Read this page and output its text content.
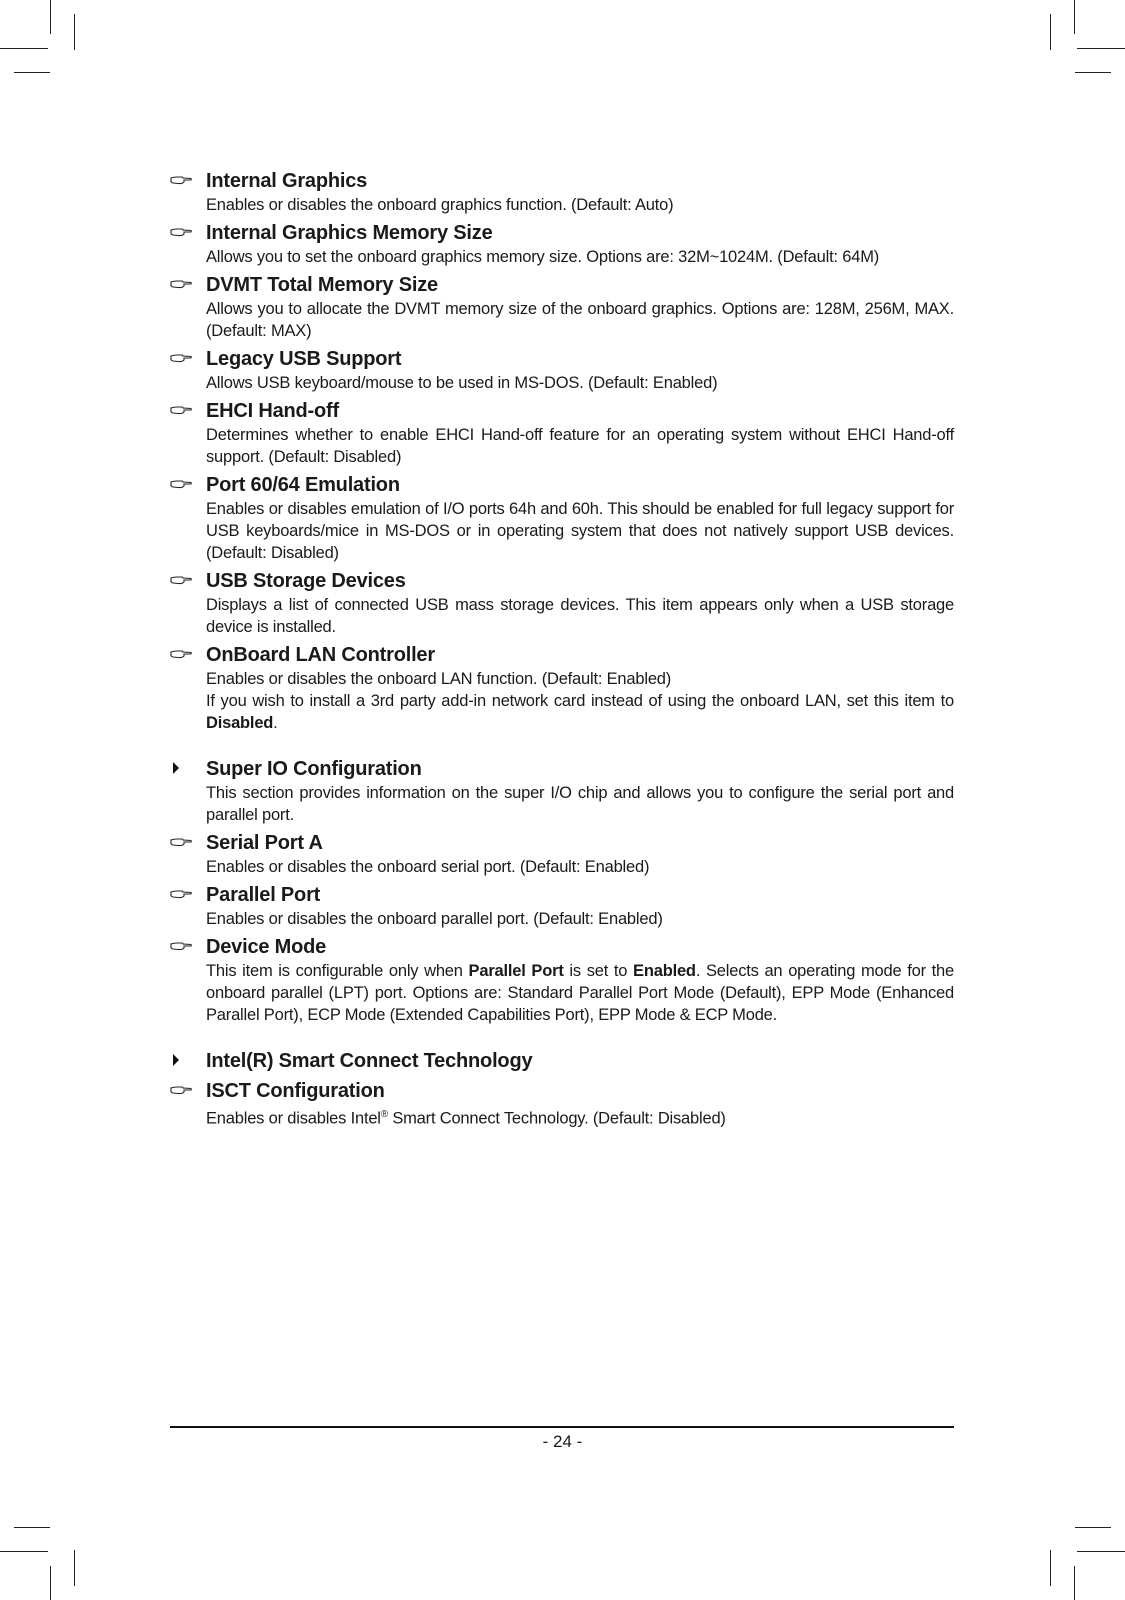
Internal Graphics
Enables or disables the onboard graphics function. (Default: Auto)
Internal Graphics Memory Size
Allows you to set the onboard graphics memory size. Options are: 32M~1024M. (Default: 64M)
DVMT Total Memory Size
Allows you to allocate the DVMT memory size of the onboard graphics. Options are: 128M, 256M, MAX. (Default: MAX)
Legacy USB Support
Allows USB keyboard/mouse to be used in MS-DOS. (Default: Enabled)
EHCI Hand-off
Determines whether to enable EHCI Hand-off feature for an operating system without EHCI Hand-off support. (Default: Disabled)
Port 60/64 Emulation
Enables or disables emulation of I/O ports 64h and 60h. This should be enabled for full legacy support for USB keyboards/mice in MS-DOS or in operating system that does not natively support USB devices. (Default: Disabled)
USB Storage Devices
Displays a list of connected USB mass storage devices. This item appears only when a USB storage device is installed.
OnBoard LAN Controller
Enables or disables the onboard LAN function. (Default: Enabled)
If you wish to install a 3rd party add-in network card instead of using the onboard LAN, set this item to Disabled.
Super IO Configuration
This section provides information on the super I/O chip and allows you to configure the serial port and parallel port.
Serial Port A
Enables or disables the onboard serial port. (Default: Enabled)
Parallel Port
Enables or disables the onboard parallel port. (Default: Enabled)
Device Mode
This item is configurable only when Parallel Port is set to Enabled. Selects an operating mode for the onboard parallel (LPT) port. Options are: Standard Parallel Port Mode (Default), EPP Mode (Enhanced Parallel Port), ECP Mode (Extended Capabilities Port), EPP Mode & ECP Mode.
Intel(R) Smart Connect Technology
ISCT Configuration
Enables or disables Intel® Smart Connect Technology. (Default: Disabled)
- 24 -
